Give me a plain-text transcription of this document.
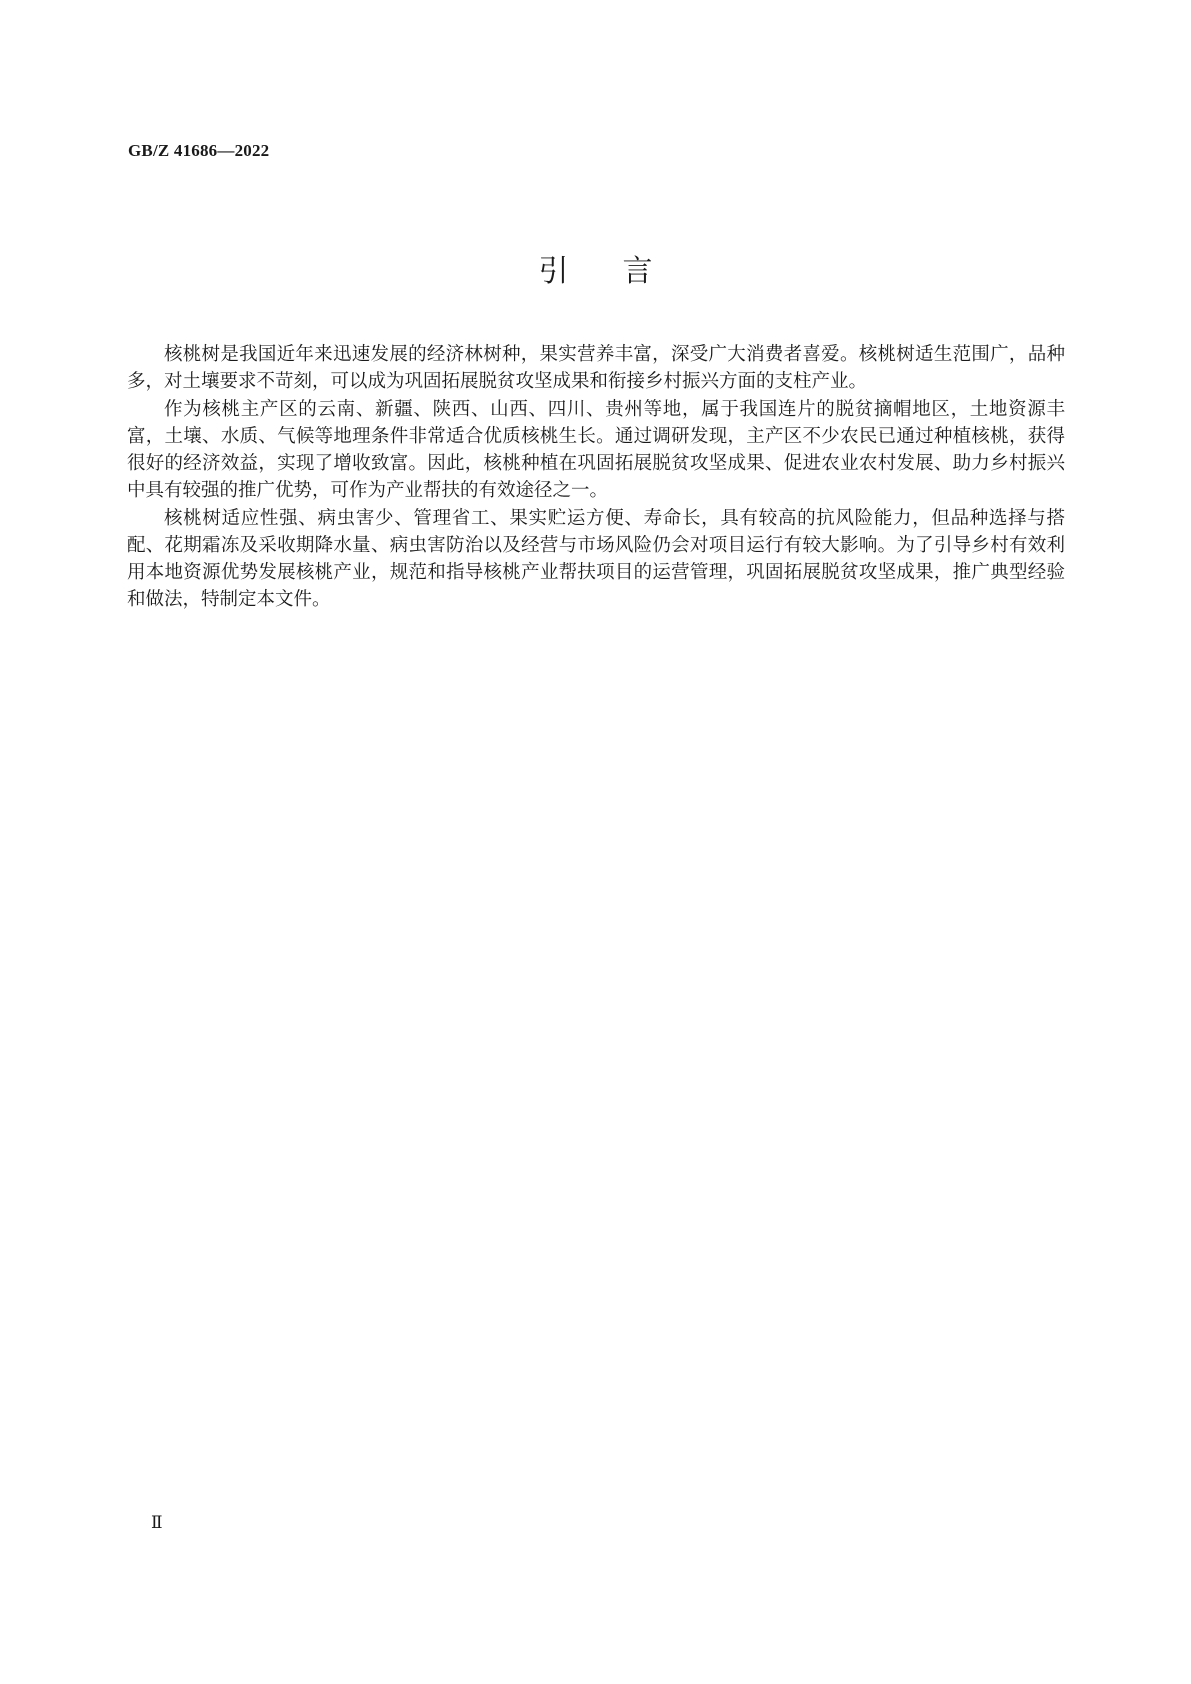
GB/Z 41686—2022
引言

核桃树是我国近年来迅速发展的经济林树种，果实营养丰富，深受广大消费者喜爱。核桃树适生范围广，品种多，对土壤要求不苛刻，可以成为巩固拓展脱贫攻坚成果和衔接乡村振兴方面的支柱产业。

作为核桃主产区的云南、新疆、陕西、山西、四川、贵州等地，属于我国连片的脱贫摘帽地区，土地资源丰富，土壤、水质、气候等地理条件非常适合优质核桃生长。通过调研发现，主产区不少农民已通过种植核桃，获得很好的经济效益，实现了增收致富。因此，核桃种植在巩固拓展脱贫攻坚成果、促进农业农村发展、助力乡村振兴中具有较强的推广优势，可作为产业帮扶的有效途径之一。

核桃树适应性强、病虫害少、管理省工、果实贮运方便、寿命长，具有较高的抗风险能力，但品种选择与搭配、花期霜冻及采收期降水量、病虫害防治以及经营与市场风险仍会对项目运行有较大影响。为了引导乡村有效利用本地资源优势发展核桃产业，规范和指导核桃产业帮扶项目的运营管理，巩固拓展脱贫攻坚成果，推广典型经验和做法，特制定本文件。

Ⅱ
